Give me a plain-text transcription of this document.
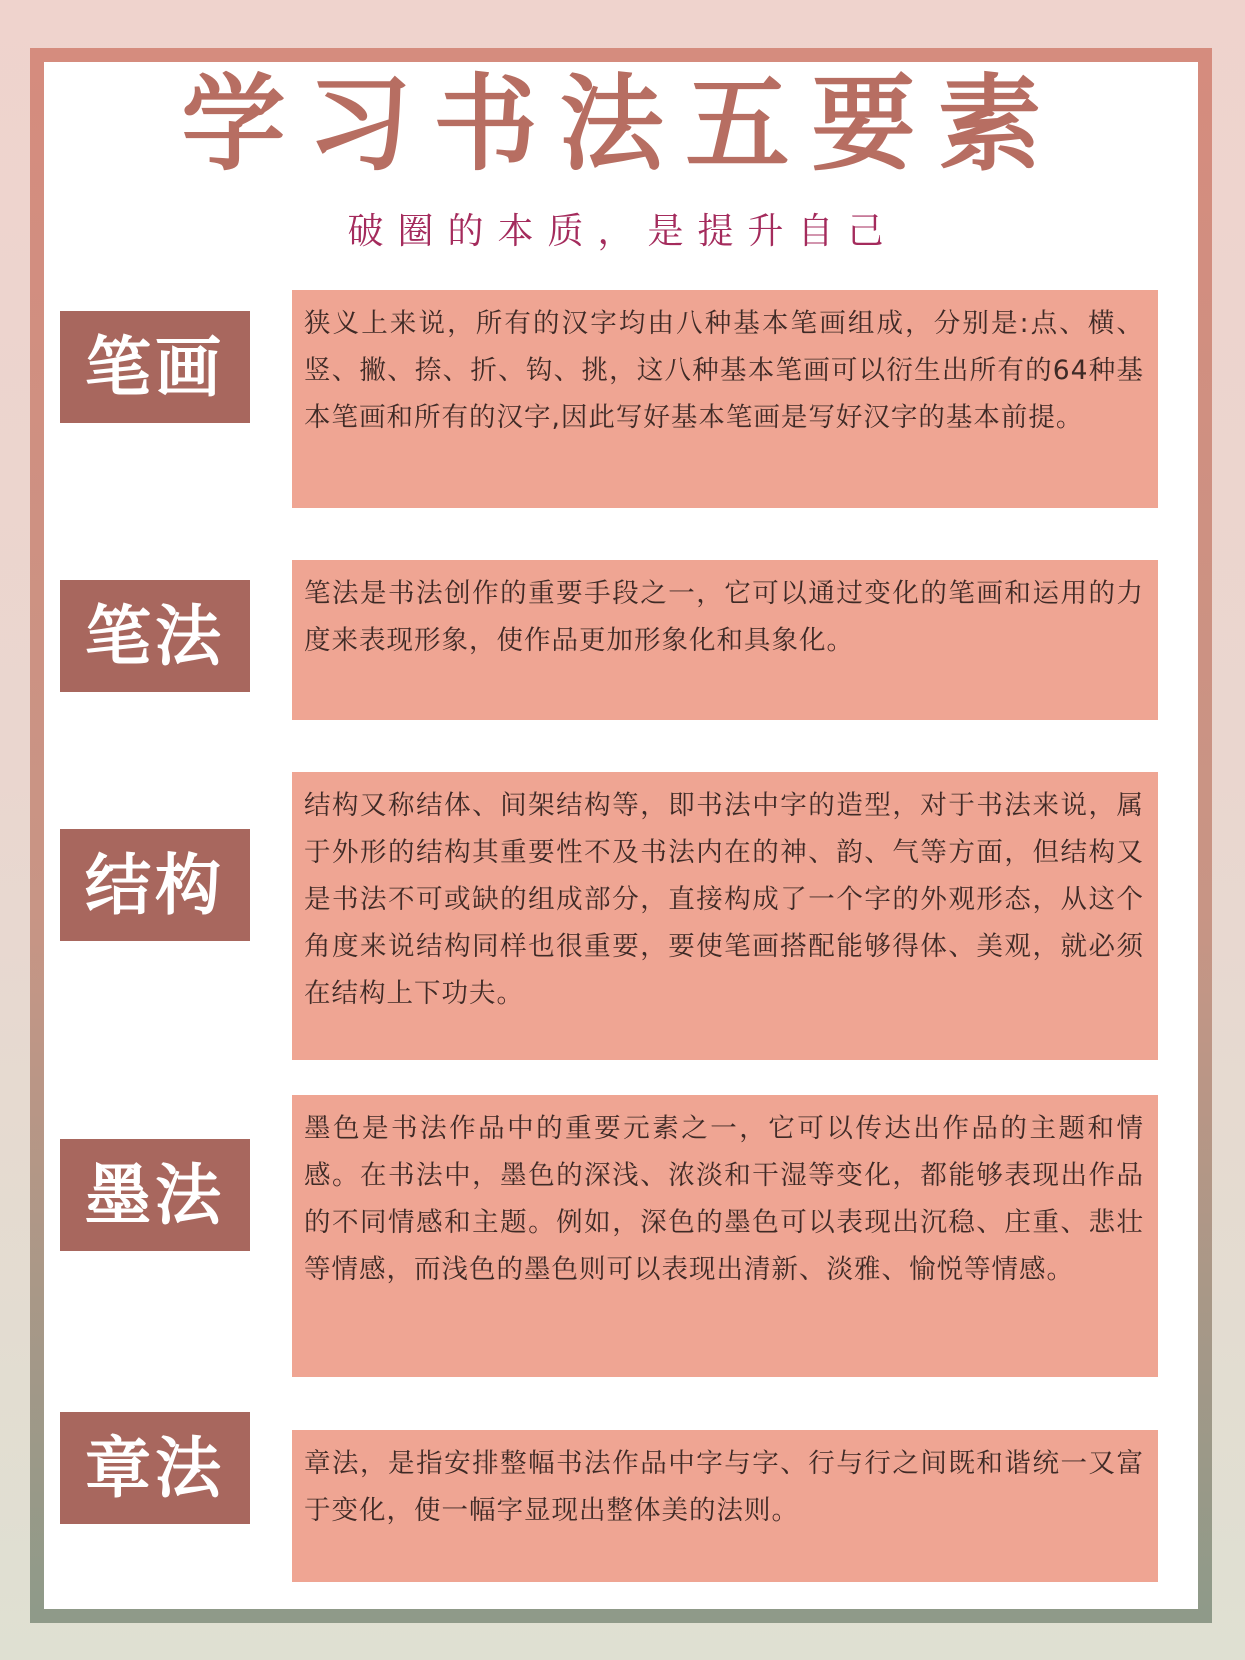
学习书法五要素
破圈的本质，是提升自己
笔画
狭义上来说，所有的汉字均由八种基本笔画组成，分别是:点、横、竖、撇、捺、折、钩、挑，这八种基本笔画可以衍生出所有的64种基本笔画和所有的汉字,因此写好基本笔画是写好汉字的基本前提。
笔法
笔法是书法创作的重要手段之一，它可以通过变化的笔画和运用的力度来表现形象，使作品更加形象化和具象化。
结构
结构又称结体、间架结构等，即书法中字的造型，对于书法来说，属于外形的结构其重要性不及书法内在的神、韵、气等方面，但结构又是书法不可或缺的组成部分，直接构成了一个字的外观形态，从这个角度来说结构同样也很重要，要使笔画搭配能够得体、美观，就必须在结构上下功夫。
墨法
墨色是书法作品中的重要元素之一，它可以传达出作品的主题和情感。在书法中，墨色的深浅、浓淡和干湿等变化，都能够表现出作品的不同情感和主题。例如，深色的墨色可以表现出沉稳、庄重、悲壮等情感，而浅色的墨色则可以表现出清新、淡雅、愉悦等情感。
章法	章法，是指安排整幅书法作品中字与字、行与行之间既和谐统一又富于变化，使一幅字显现出整体美的法则。
